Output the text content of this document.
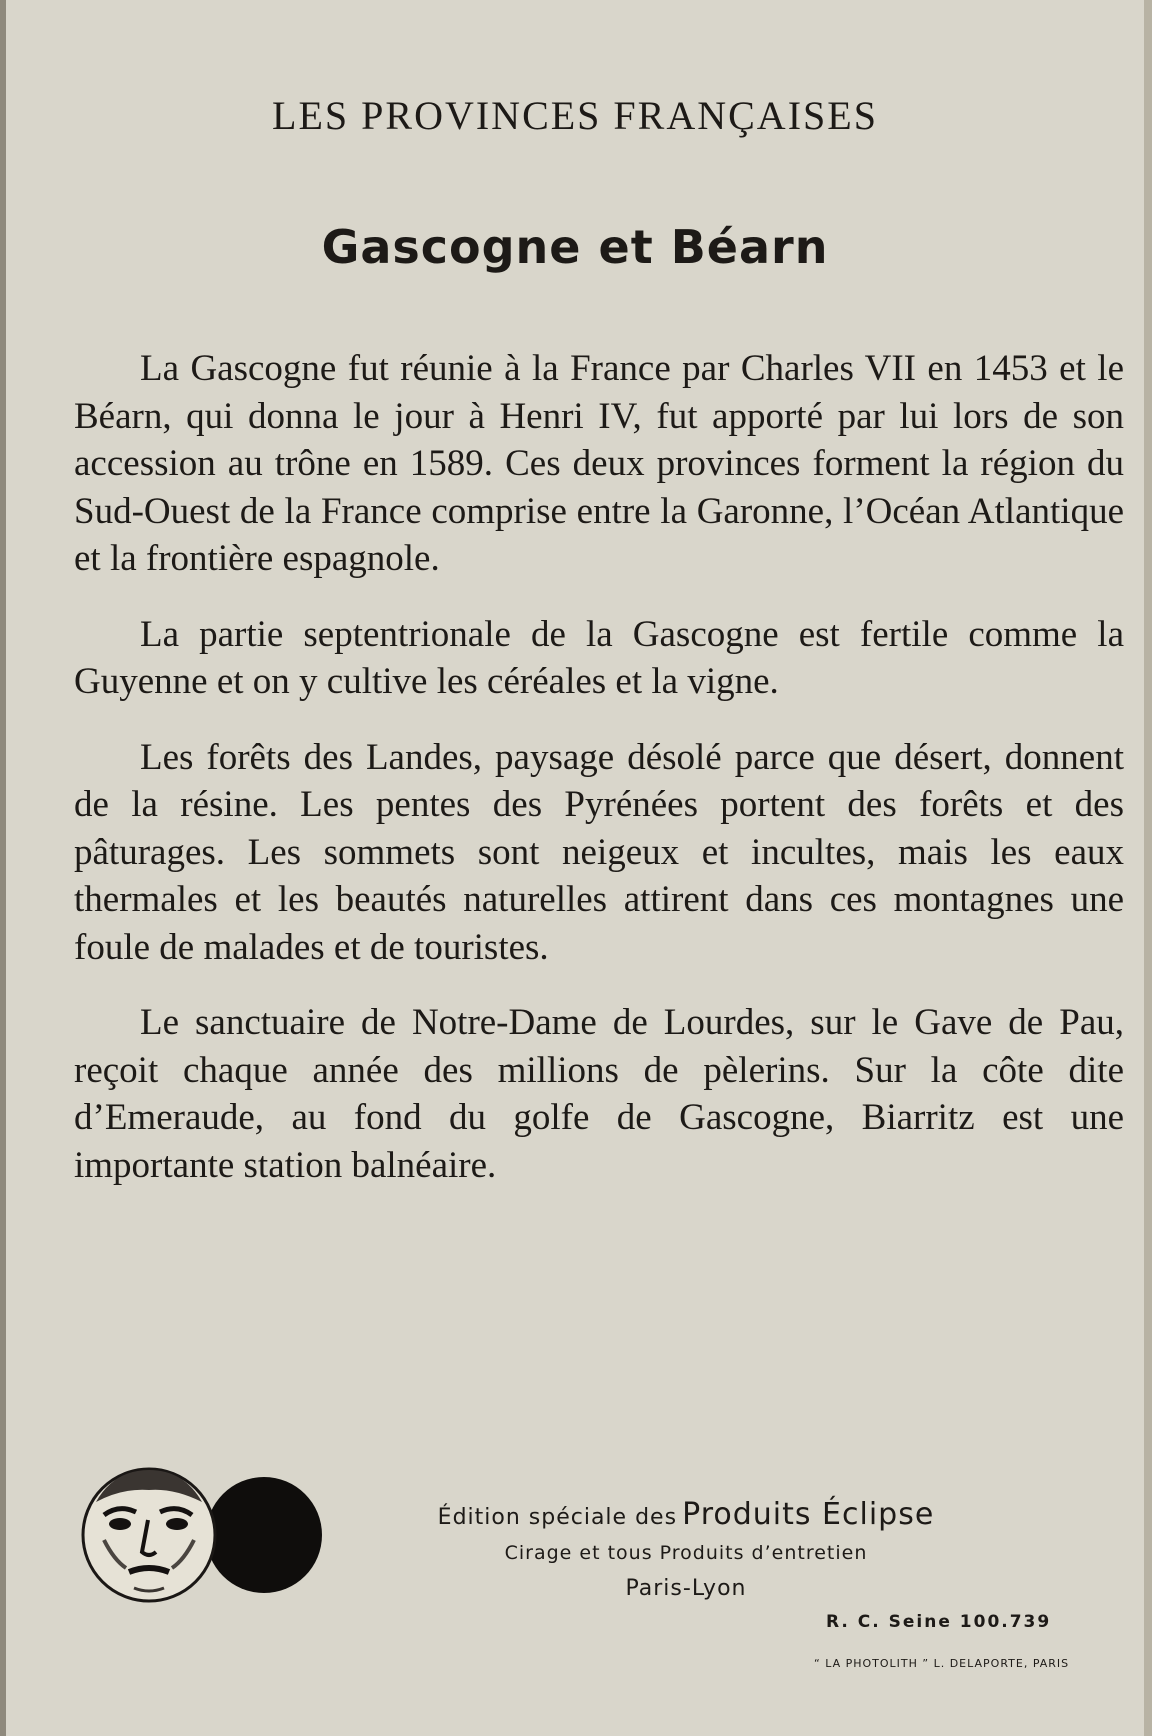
LES PROVINCES FRANÇAISES
Gascogne et Béarn

La Gascogne fut réunie à la France par Charles VII en 1453 et le Béarn, qui donna le jour à Henri IV, fut apporté par lui lors de son accession au trône en 1589. Ces deux provinces forment la région du Sud-Ouest de la France comprise entre la Garonne, l’Océan Atlantique et la frontière espagnole.

La partie septentrionale de la Gascogne est fertile comme la Guyenne et on y cultive les céréales et la vigne.

Les forêts des Landes, paysage désolé parce que désert, donnent de la résine. Les pentes des Pyrénées portent des forêts et des pâturages. Les sommets sont neigeux et incultes, mais les eaux thermales et les beautés naturelles attirent dans ces montagnes une foule de malades et de touristes.

Le sanctuaire de Notre-Dame de Lourdes, sur le Gave de Pau, reçoit chaque année des millions de pèlerins. Sur la côte dite d’Emeraude, au fond du golfe de Gascogne, Biarritz est une importante station balnéaire.

Édition spéciale des Produits Éclipse
Cirage et tous Produits d’entretien
Paris-Lyon
R. C. Seine 100.739
“ LA PHOTOLITH ” L. DELAPORTE, PARIS
